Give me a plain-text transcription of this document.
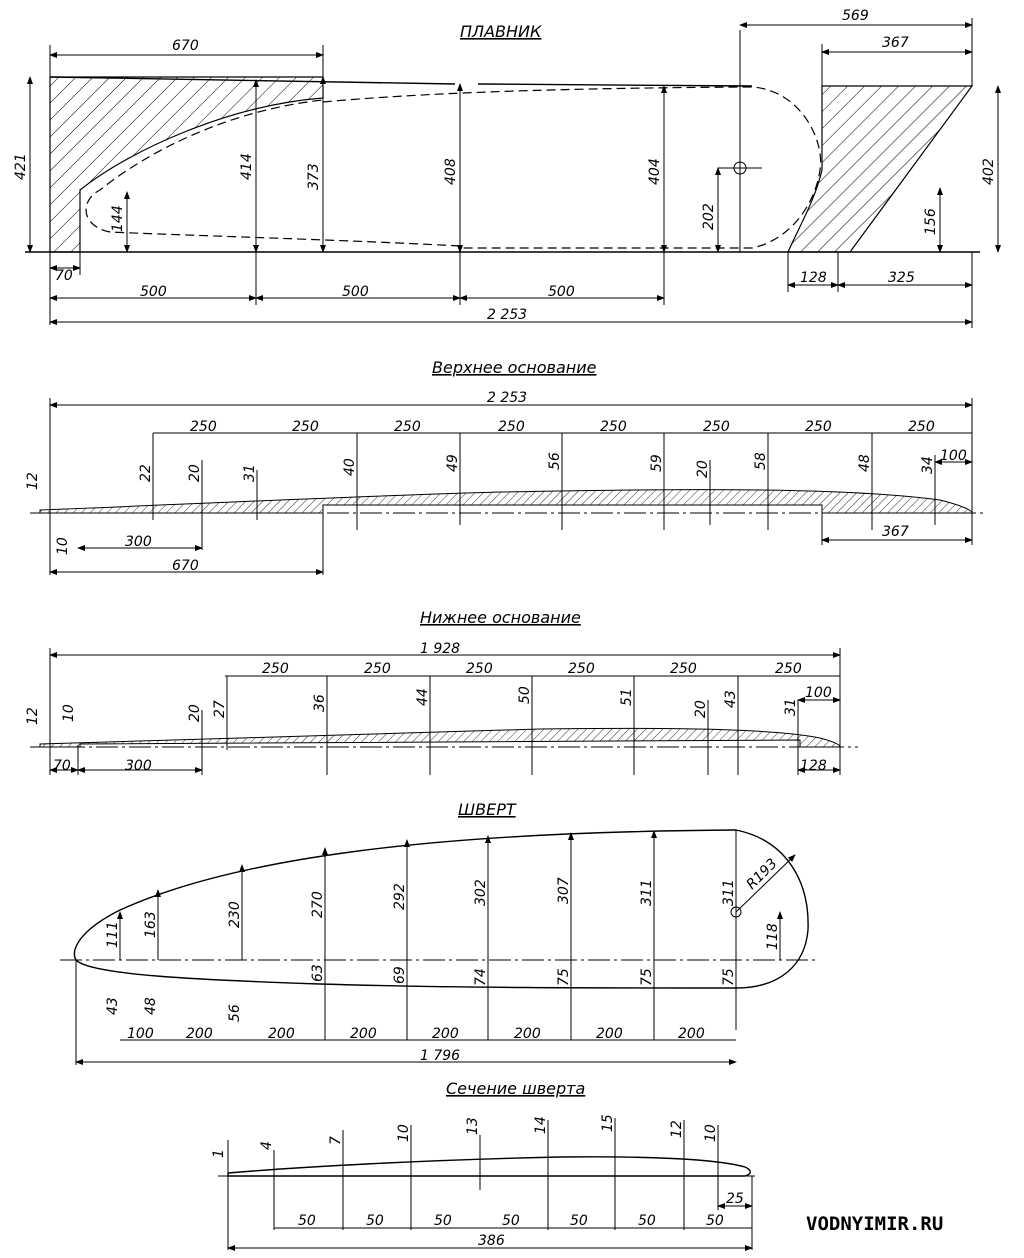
ПЛАВНИК
421	414	373	408	404
202
402
144	156
670
569
367
70
500	500	500
128	325
2 253
Верхнее основание
2 253
250	250	250	250	250	250	250	250
22 20	31	40	49	56	59 20	58	48	34
100
12
10	300
670
367
Нижнее основание
1 928
250	250	250	250	250	250
10	20 27	36	44	50	51
20
43	31
100
12
70	300	128
ШВЕРТ
R193
111 163	230	270	292	302	307	311	311
118
43 48	56
63	69	74	75	75	75
100 200	200	200	200	200	200	200
1 796
Сечение шверта
1
4
7	10	13	14	15	12 10
50	50	50	50	50	50	50
25
386
VODNYIMIR.RU
